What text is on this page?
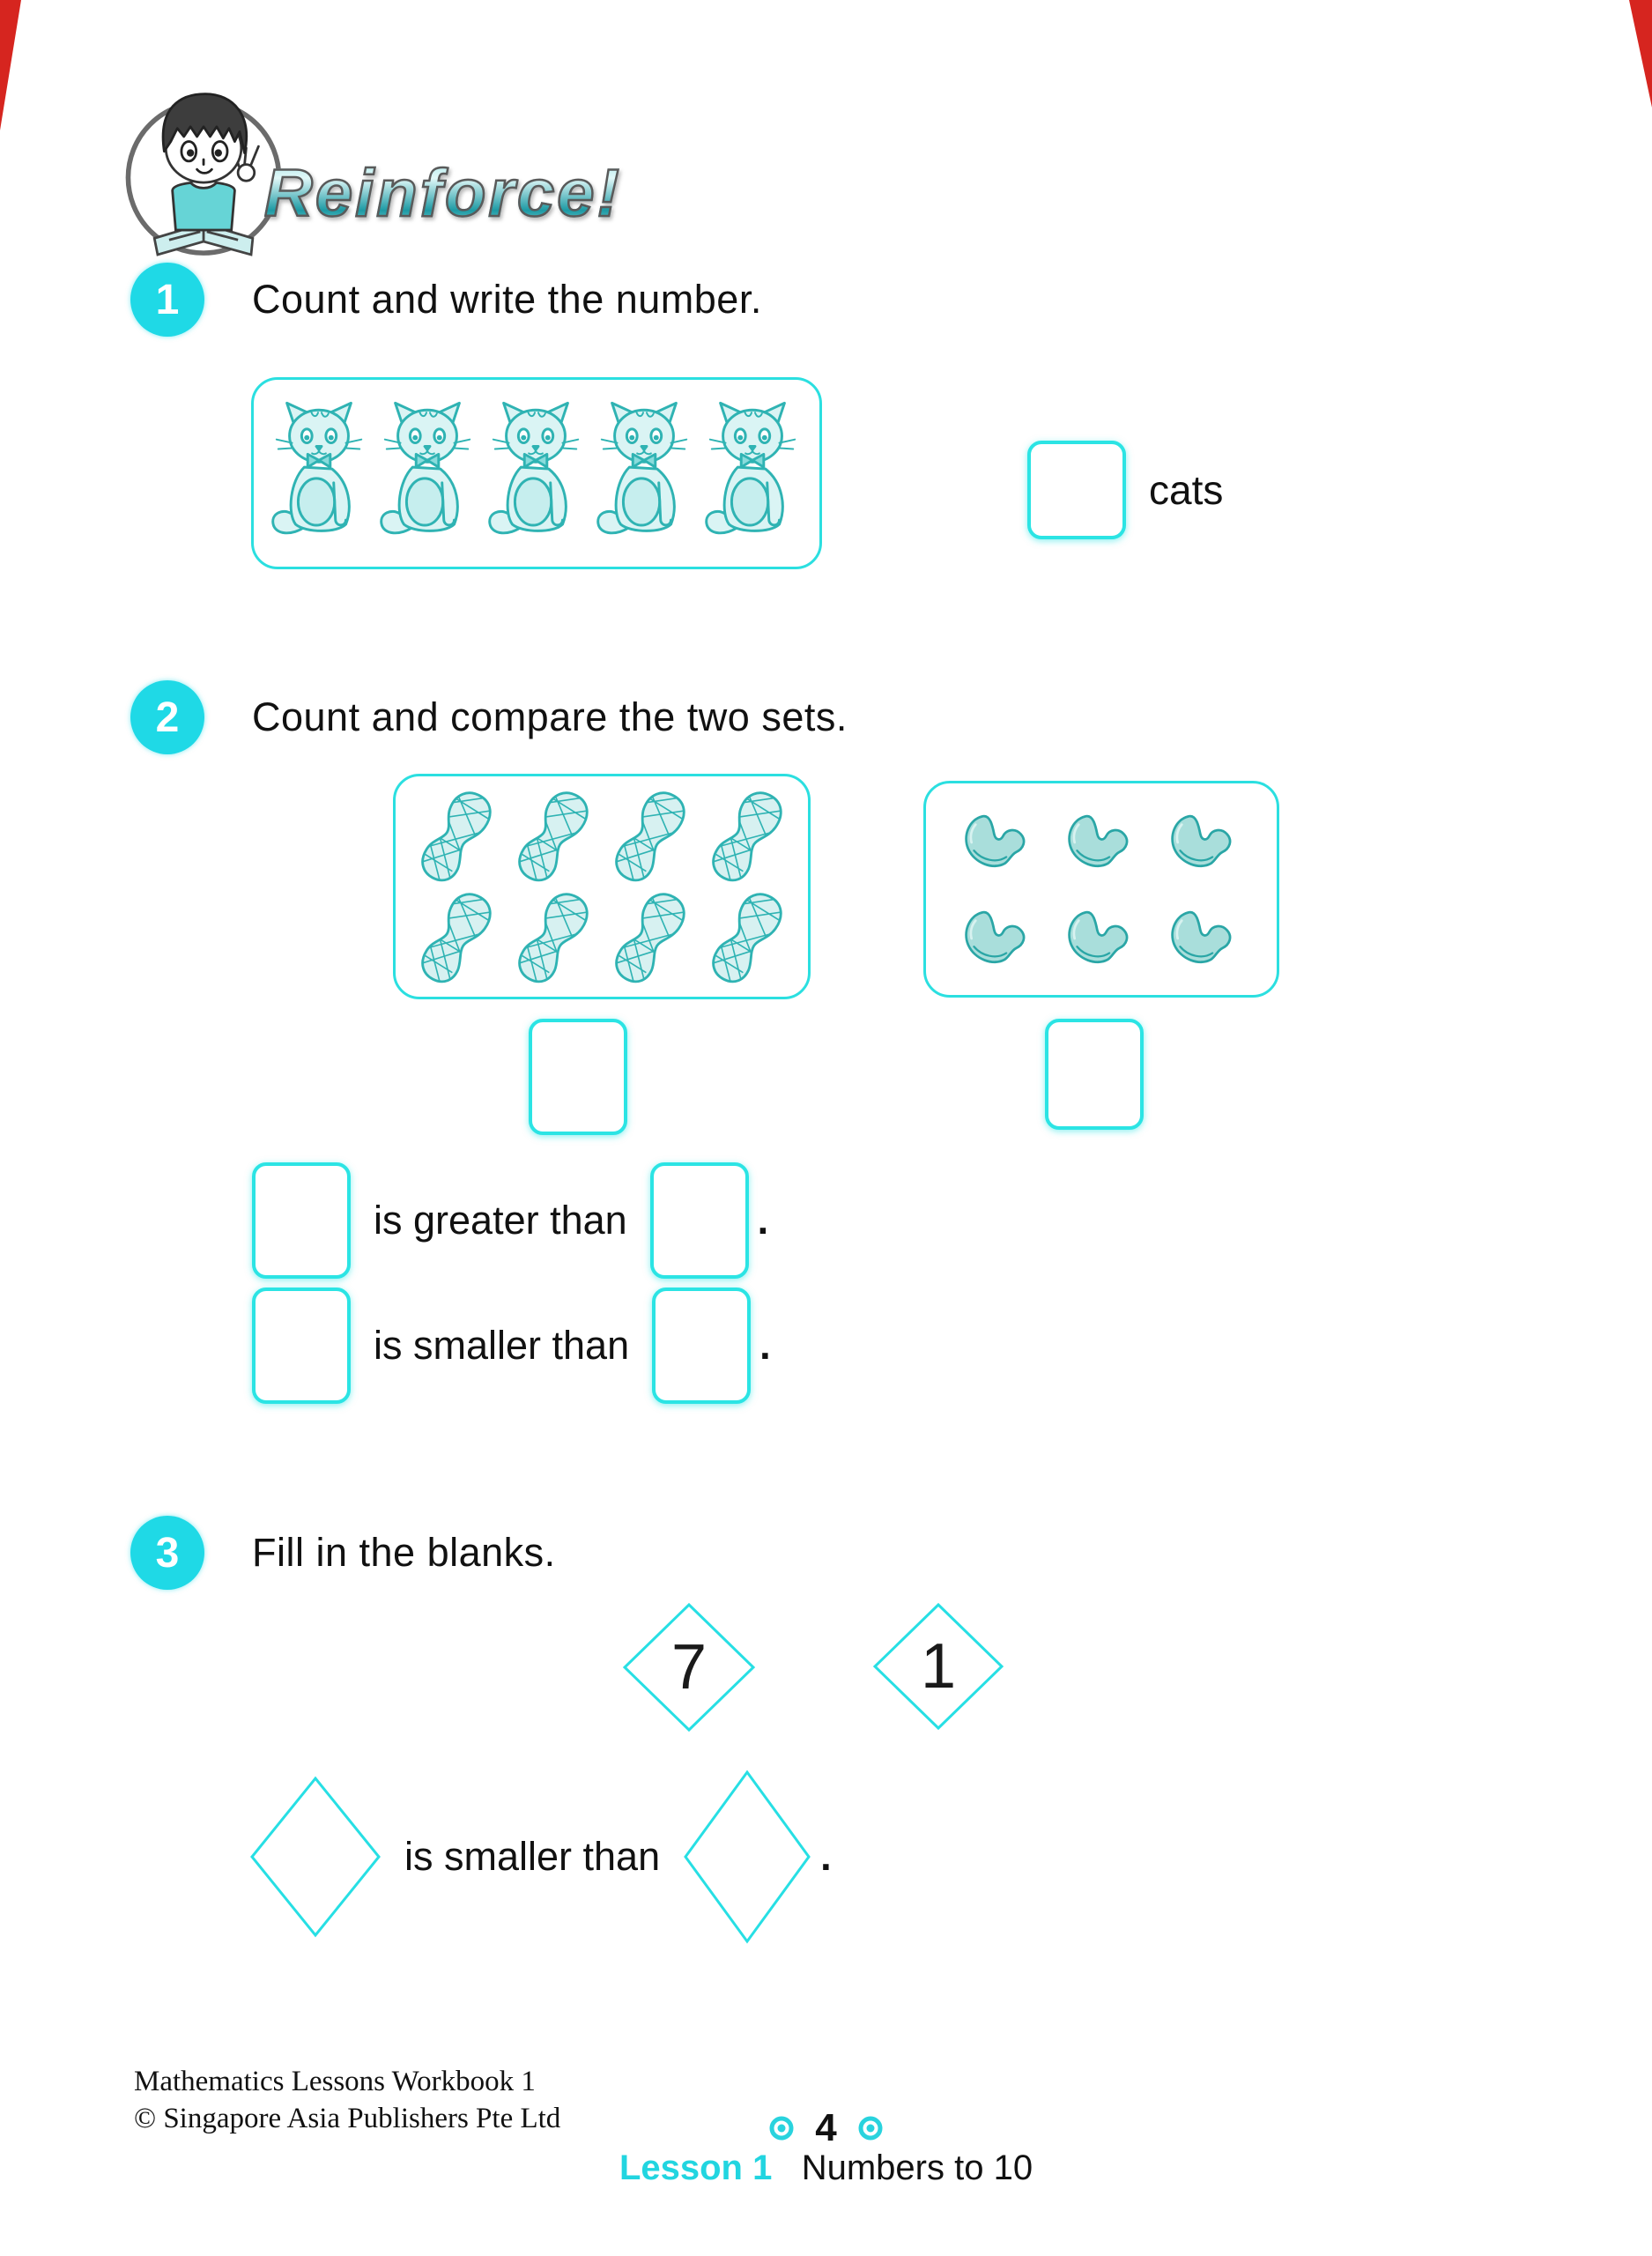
Reinforce!
1	Count and write the number.
cats
2	Count and compare the two sets.
is greater than	.
is smaller than	.
3	Fill in the blanks.
7	1
is smaller than	.
Mathematics Lessons Workbook 1
© Singapore Asia Publishers Pte Ltd	4
Lesson 1 Numbers to 10
